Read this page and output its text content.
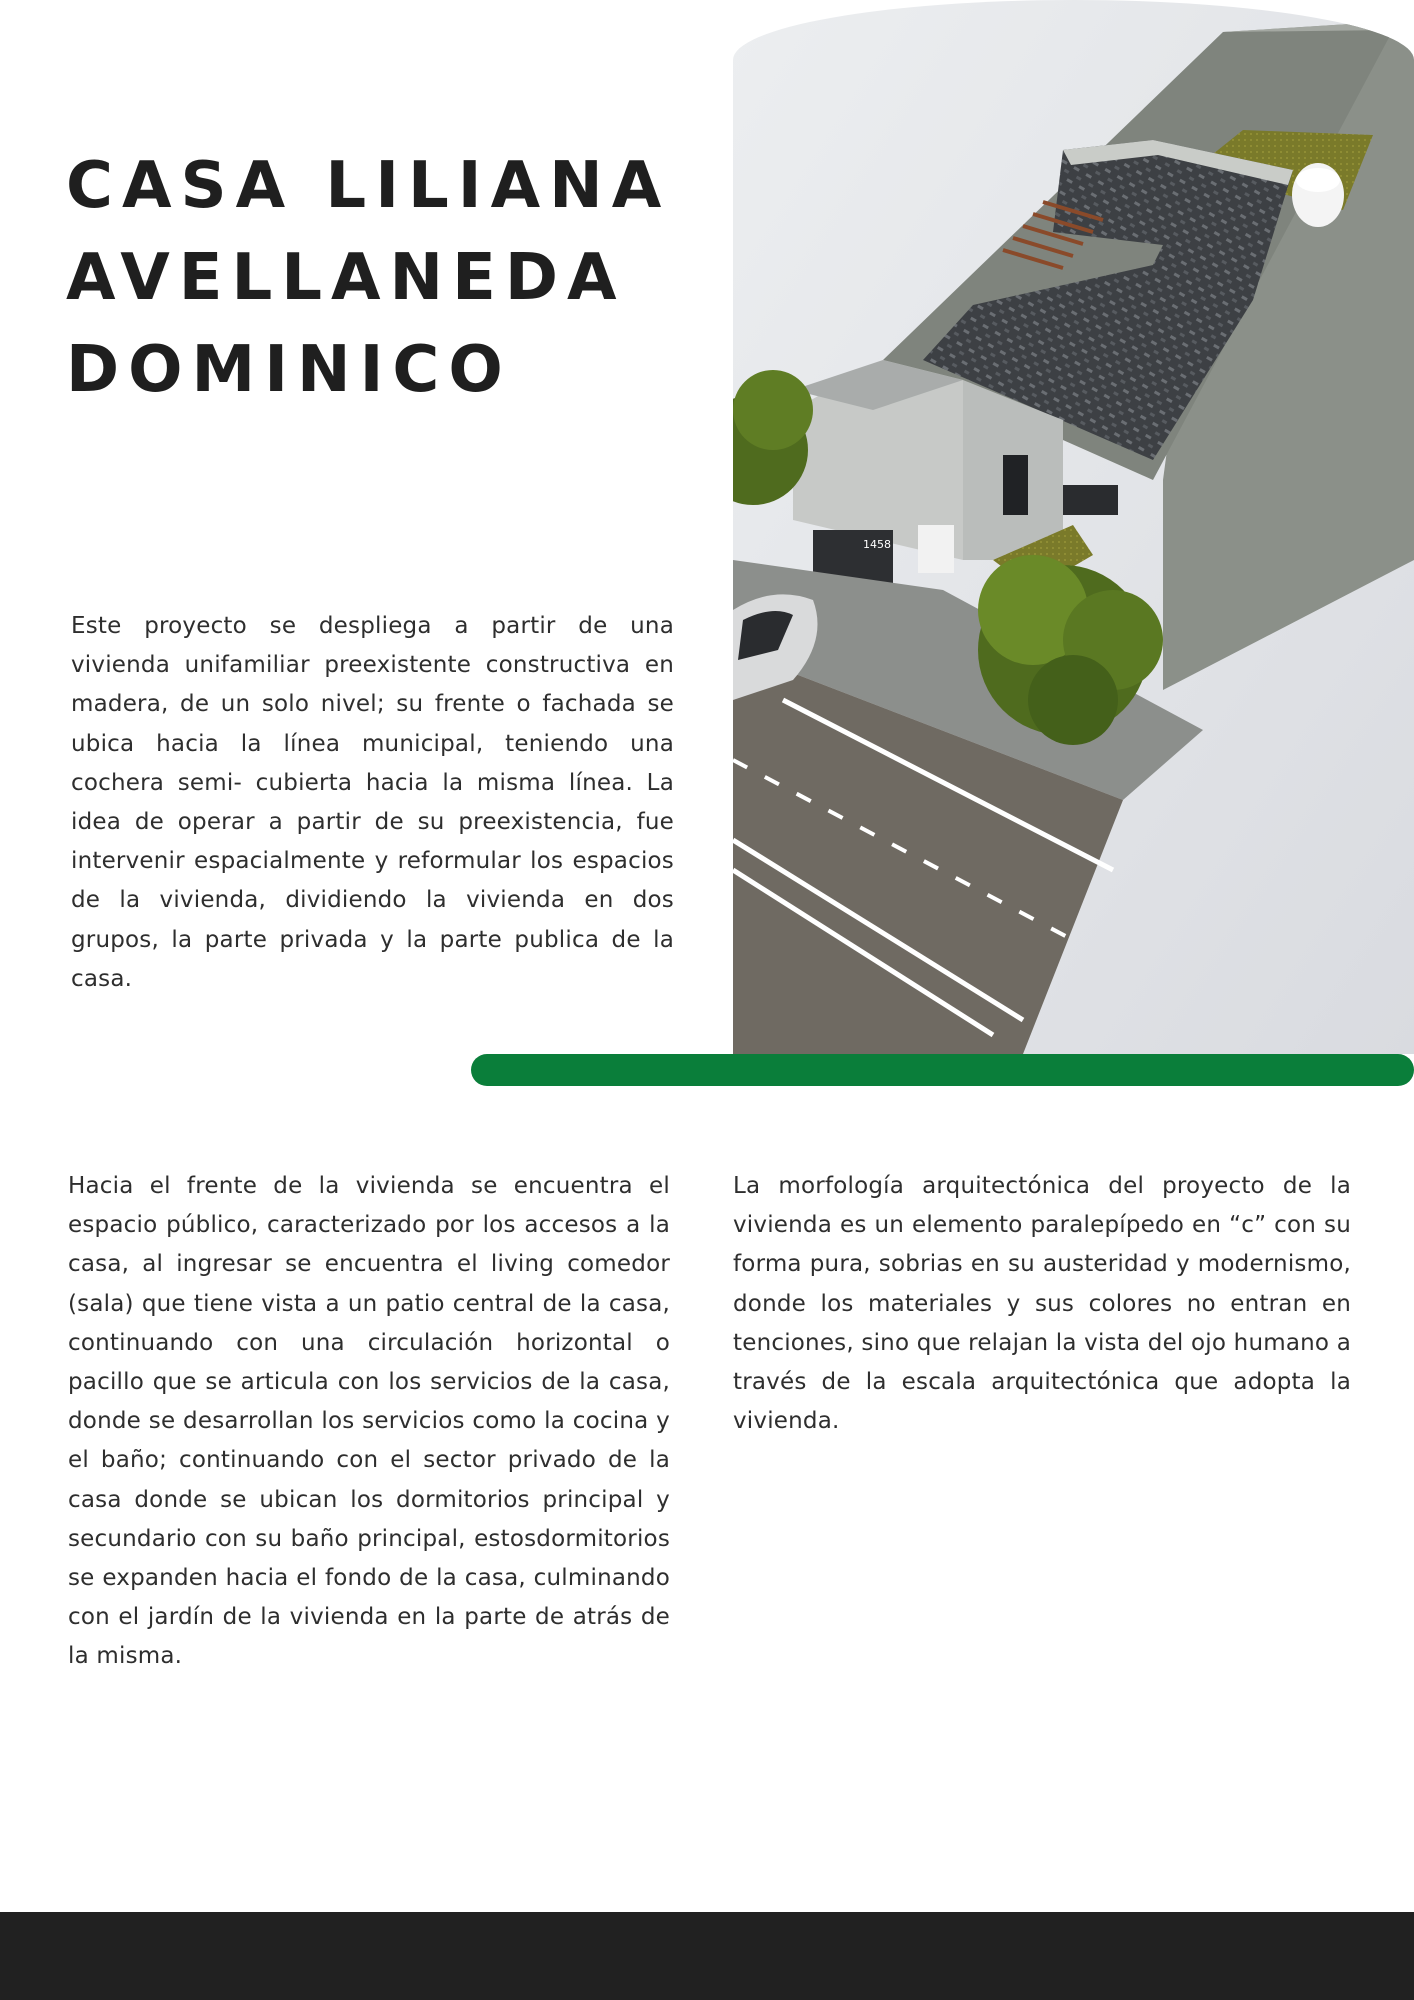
CASA LILIANA
AVELLANEDA
DOMINICO

Este proyecto se despliega a partir de una vivienda unifamiliar preexistente constructiva en madera, de un solo nivel; su frente o fachada se ubica hacia la línea municipal, teniendo una cochera semi- cubierta hacia la misma línea. La idea de operar a partir de su preexistencia, fue intervenir espacialmente y reformular los espacios de la vivienda, dividiendo la vivienda en dos grupos, la parte privada y la parte publica de la casa.

1458

Hacia el frente de la vivienda se encuentra el espacio público, caracterizado por los accesos a la casa, al ingresar se encuentra el living comedor (sala) que tiene vista a un patio central de la casa, continuando con una circulación horizontal o pacillo que se articula con los servicios de la casa, donde se desarrollan los servicios como la cocina y el baño; continuando con el sector privado de la casa donde se ubican los dormitorios principal y secundario con su baño principal, estosdormitorios se expanden hacia el fondo de la casa, culminando con el jardín de la vivienda en la parte de atrás de la misma.

La morfología arquitectónica del proyecto de la vivienda es un elemento paralepípedo en “c” con su forma pura, sobrias en su austeridad y modernismo, donde los materiales y sus colores no entran en tenciones, sino que relajan la vista del ojo humano a través de la escala arquitectónica que adopta la vivienda.
